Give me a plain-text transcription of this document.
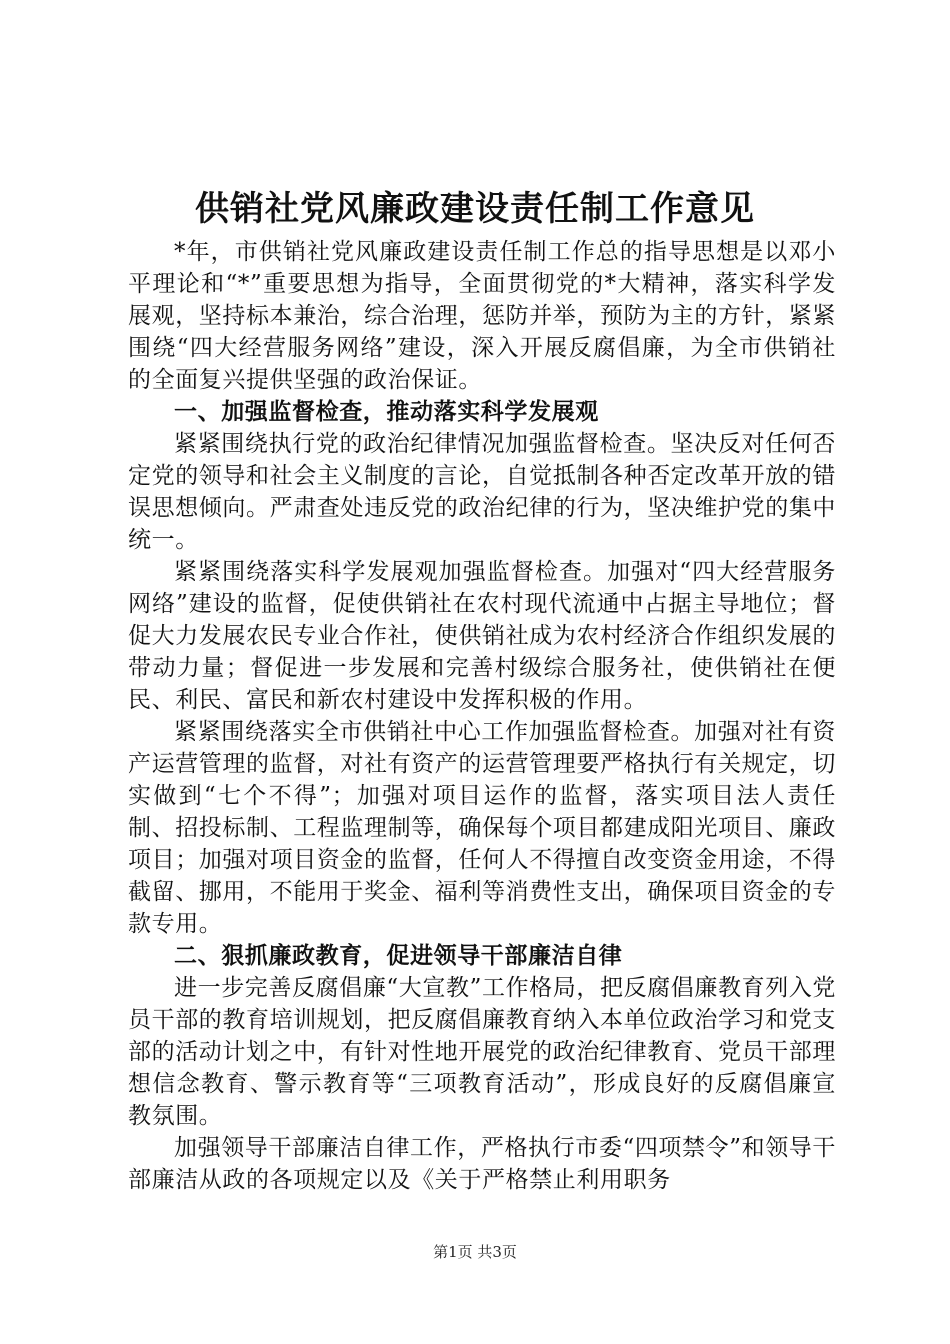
供销社党风廉政建设责任制工作意见

*年，市供销社党风廉政建设责任制工作总的指导思想是以邓小平理论和“*”重要思想为指导，全面贯彻党的*大精神，落实科学发展观，坚持标本兼治，综合治理，惩防并举，预防为主的方针，紧紧围绕“四大经营服务网络”建设，深入开展反腐倡廉，为全市供销社的全面复兴提供坚强的政治保证。

一、加强监督检查，推动落实科学发展观

紧紧围绕执行党的政治纪律情况加强监督检查。坚决反对任何否定党的领导和社会主义制度的言论，自觉抵制各种否定改革开放的错误思想倾向。严肃查处违反党的政治纪律的行为，坚决维护党的集中统一。

紧紧围绕落实科学发展观加强监督检查。加强对“四大经营服务网络”建设的监督，促使供销社在农村现代流通中占据主导地位；督促大力发展农民专业合作社，使供销社成为农村经济合作组织发展的带动力量；督促进一步发展和完善村级综合服务社，使供销社在便民、利民、富民和新农村建设中发挥积极的作用。

紧紧围绕落实全市供销社中心工作加强监督检查。加强对社有资产运营管理的监督，对社有资产的运营管理要严格执行有关规定，切实做到“七个不得”；加强对项目运作的监督，落实项目法人责任制、招投标制、工程监理制等，确保每个项目都建成阳光项目、廉政项目；加强对项目资金的监督，任何人不得擅自改变资金用途，不得截留、挪用，不能用于奖金、福利等消费性支出，确保项目资金的专款专用。

二、狠抓廉政教育，促进领导干部廉洁自律

进一步完善反腐倡廉“大宣教”工作格局，把反腐倡廉教育列入党员干部的教育培训规划，把反腐倡廉教育纳入本单位政治学习和党支部的活动计划之中，有针对性地开展党的政治纪律教育、党员干部理想信念教育、警示教育等“三项教育活动”，形成良好的反腐倡廉宣教氛围。

加强领导干部廉洁自律工作，严格执行市委“四项禁令”和领导干部廉洁从政的各项规定以及《关于严格禁止利用职务

第1页 共3页
